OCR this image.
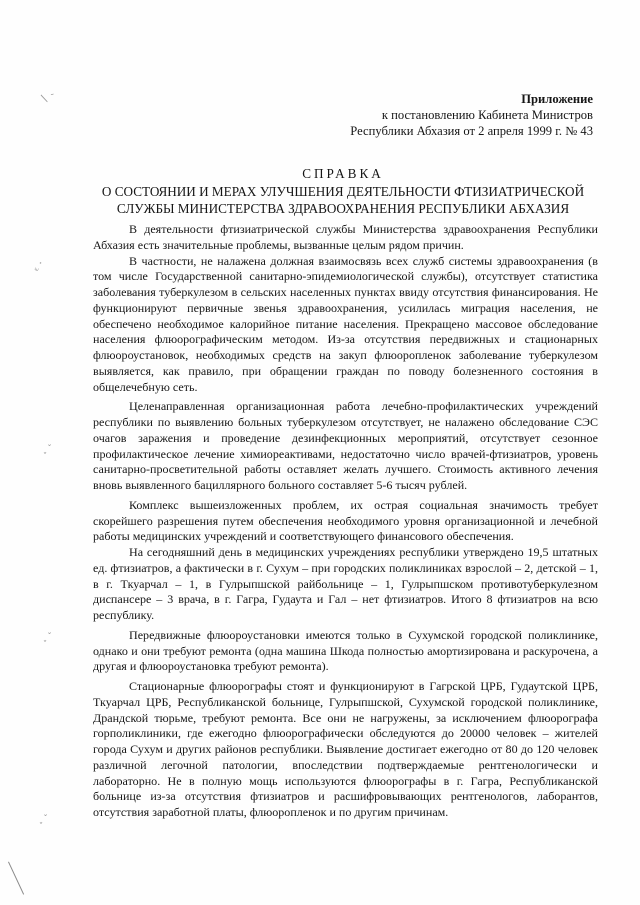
/ ˎ
ᵋ ·
˛ ˛
˛ ˛
˛ ˛
Приложение
к постановлению Кабинета Министров
Республики Абхазия от 2 апреля 1999 г. № 43
СПРАВКА
О СОСТОЯНИИ И МЕРАХ УЛУЧШЕНИЯ ДЕЯТЕЛЬНОСТИ ФТИЗИАТРИЧЕСКОЙ
СЛУЖБЫ МИНИСТЕРСТВА ЗДРАВООХРАНЕНИЯ РЕСПУБЛИКИ АБХАЗИЯ

В деятельности фтизиатрической службы Министерства здравоохранения Республики Абхазия есть значительные проблемы, вызванные целым рядом причин.

В частности, не налажена должная взаимосвязь всех служб системы здравоохранения (в том числе Государственной санитарно-эпидемиологической службы), отсутствует статистика заболевания туберкулезом в сельских населенных пунктах ввиду отсутствия финансирования. Не функционируют первичные звенья здравоохранения, усилилась миграция населения, не обеспечено необходимое калорийное питание населения. Прекращено массовое обследование населения флюорографическим методом. Из-за отсутствия передвижных и стационарных флюороустановок, необходимых средств на закуп флюоропленок заболевание туберкулезом выявляется, как правило, при обращении граждан по поводу болезненного состояния в общелечебную сеть.

Целенаправленная организационная работа лечебно-профилактических учреждений республики по выявлению больных туберкулезом отсутствует, не налажено обследование СЭС очагов заражения и проведение дезинфекционных мероприятий, отсутствует сезонное профилактическое лечение химиореактивами, недостаточно число врачей-фтизиатров, уровень санитарно-просветительной работы оставляет желать лучшего. Стоимость активного лечения вновь выявленного бациллярного больного составляет 5-6 тысяч рублей.

Комплекс вышеизложенных проблем, их острая социальная значимость требует скорейшего разрешения путем обеспечения необходимого уровня организационной и лечебной работы медицинских учреждений и соответствующего финансового обеспечения.

На сегодняшний день в медицинских учреждениях республики утверждено 19,5 штатных ед. фтизиатров, а фактически в г. Сухум – при городских поликлиниках взрослой – 2, детской – 1, в г. Ткуарчал – 1, в Гулрыпшской райбольнице – 1, Гулрыпшском противотуберкулезном диспансере – 3 врача, в г. Гагра, Гудаута и Гал – нет фтизиатров. Итого 8 фтизиатров на всю республику.

Передвижные флюороустановки имеются только в Сухумской городской поликлинике, однако и они требуют ремонта (одна машина Шкода полностью амортизирована и раскурочена, а другая и флюороустановка требуют ремонта).

Стационарные флюорографы стоят и функционируют в Гагрской ЦРБ, Гудаутской ЦРБ, Ткуарчал ЦРБ, Республиканской больнице, Гулрыпшской, Сухумской городской поликлинике, Драндской тюрьме, требуют ремонта. Все они не нагружены, за исключением флюорографа горполиклиники, где ежегодно флюорографически обследуются до 20000 человек – жителей города Сухум и других районов республики. Выявление достигает ежегодно от 80 до 120 человек различной легочной патологии, впоследствии подтверждаемые рентгенологически и лабораторно. Не в полную мощь используются флюорографы в г. Гагра, Республиканской больнице из-за отсутствия фтизиатров и расшифровывающих рентгенологов, лаборантов, отсутствия заработной платы, флюоропленок и по другим причинам.
